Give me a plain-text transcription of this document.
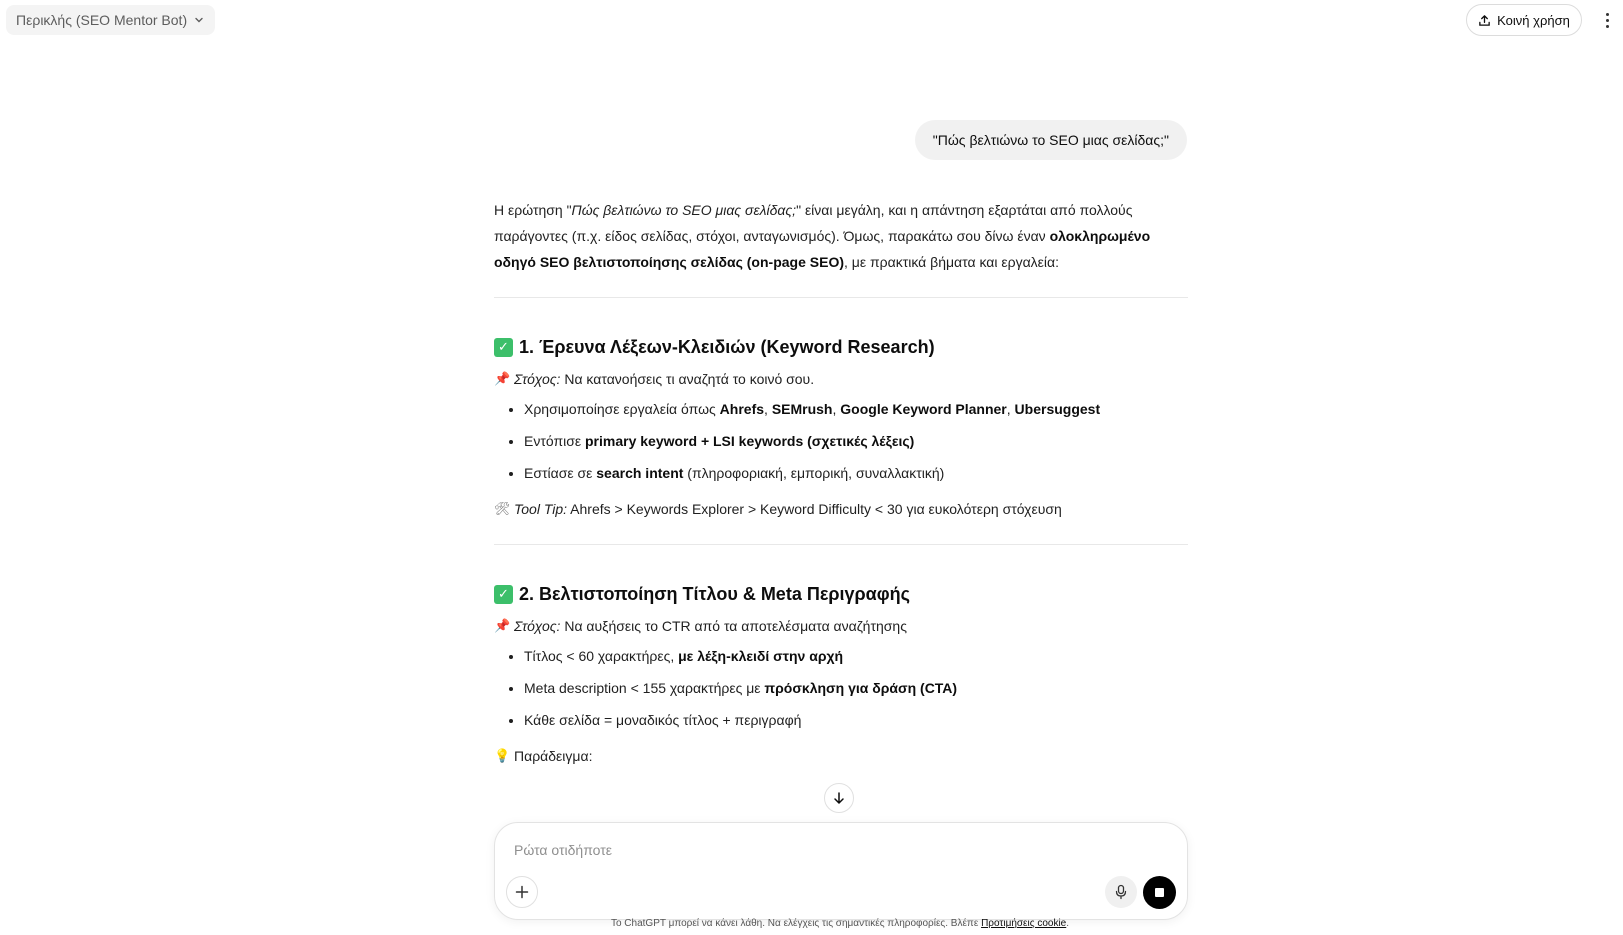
Περικλής (SEO Mentor Bot)	Κοινή χρήση
"Πώς βελτιώνω το SEO μιας σελίδας;"

Η ερώτηση "Πώς βελτιώνω το SEO μιας σελίδας;" είναι μεγάλη, και η απάντηση εξαρτάται από πολλούς παράγοντες (π.χ. είδος σελίδας, στόχοι, ανταγωνισμός). Όμως, παρακάτω σου δίνω έναν ολοκληρωμένο οδηγό SEO βελτιστοποίησης σελίδας (on-page SEO), με πρακτικά βήματα και εργαλεία:

✓ 1. Έρευνα Λέξεων-Κλειδιών (Keyword Research)

📌 Στόχος: Να κατανοήσεις τι αναζητά το κοινό σου.

• Χρησιμοποίησε εργαλεία όπως Ahrefs, SEMrush, Google Keyword Planner, Ubersuggest
• Εντόπισε primary keyword + LSI keywords (σχετικές λέξεις)
• Εστίασε σε search intent (πληροφοριακή, εμπορική, συναλλακτική)

🛠 Tool Tip: Ahrefs > Keywords Explorer > Keyword Difficulty < 30 για ευκολότερη στόχευση

✓ 2. Βελτιστοποίηση Τίτλου & Meta Περιγραφής

📌 Στόχος: Να αυξήσεις το CTR από τα αποτελέσματα αναζήτησης

• Τίτλος < 60 χαρακτήρες, με λέξη-κλειδί στην αρχή
• Meta description < 155 χαρακτήρες με πρόσκληση για δράση (CTA)
• Κάθε σελίδα = μοναδικός τίτλος + περιγραφή

💡 Παράδειγμα:

Ρώτα οτιδήποτε
Το ChatGPT μπορεί να κάνει λάθη. Να ελέγχεις τις σημαντικές πληροφορίες. Βλέπε Προτιμήσεις cookie.
